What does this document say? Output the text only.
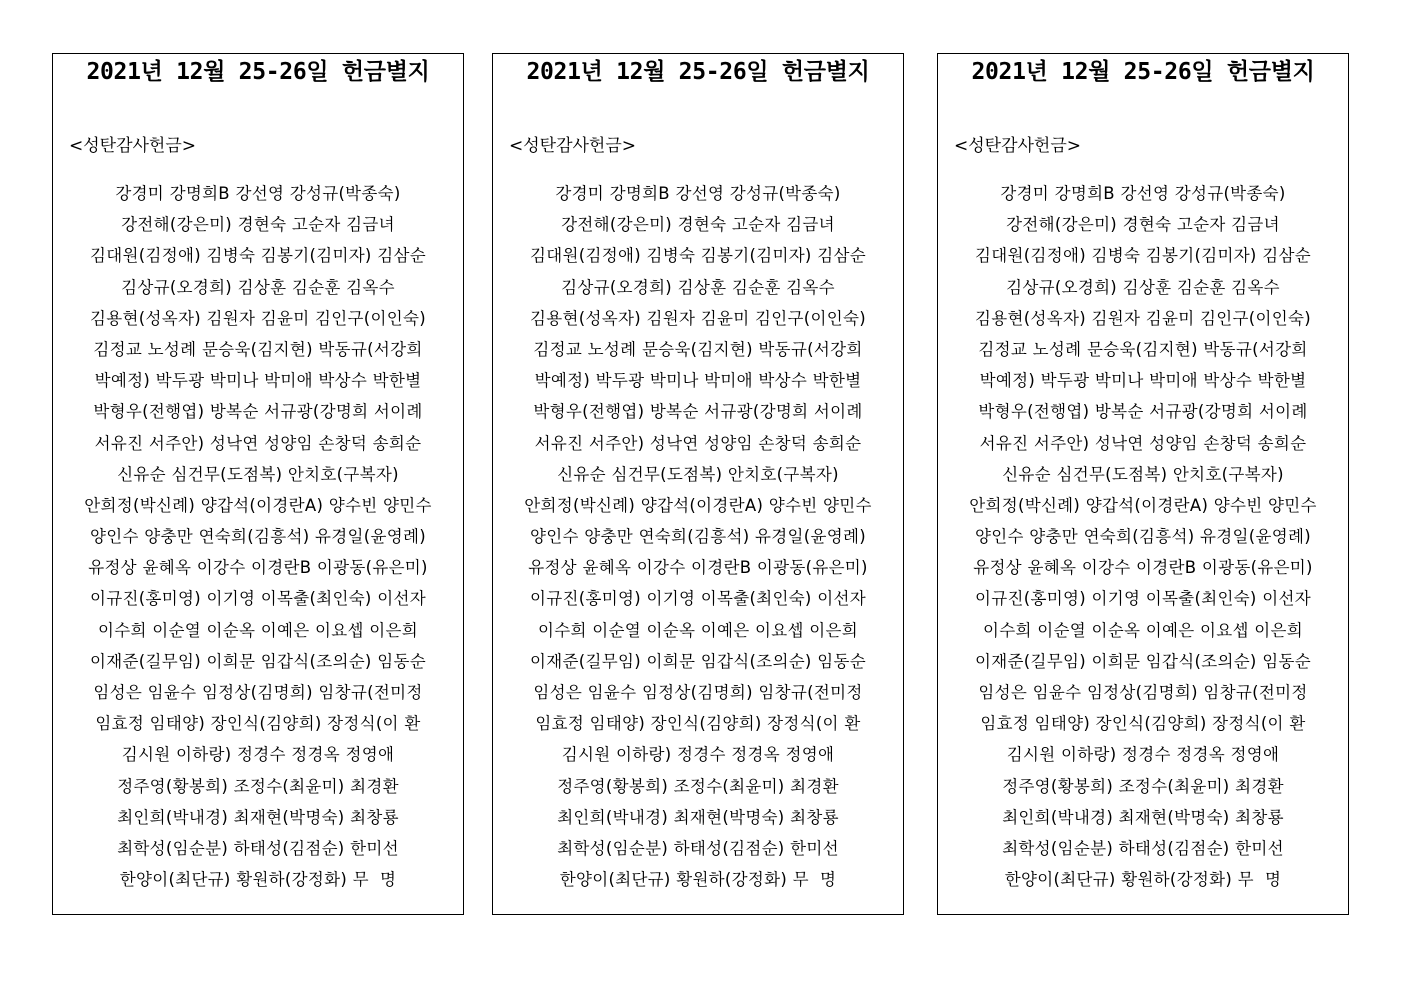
2021년 12월 25-26일 헌금별지
<성탄감사헌금>
강경미 강명희B 강선영 강성규(박종숙)
강전해(강은미) 경현숙 고순자 김금녀
김대원(김정애) 김병숙 김봉기(김미자) 김삼순
김상규(오경희) 김상훈 김순훈 김옥수
김용현(성옥자) 김원자 김윤미 김인구(이인숙)
김정교 노성례 문승욱(김지현) 박동규(서강희
박예정) 박두광 박미나 박미애 박상수 박한별
박형우(전행엽) 방복순 서규광(강명희 서이례
서유진 서주안) 성낙연 성양임 손창덕 송희순
신유순 심건무(도점복) 안치호(구복자)
안희정(박신례) 양갑석(이경란A) 양수빈 양민수
양인수 양충만 연숙희(김흥석) 유경일(윤영례)
유정상 윤혜옥 이강수 이경란B 이광동(유은미)
이규진(홍미영) 이기영 이목출(최인숙) 이선자
이수희 이순열 이순옥 이예은 이요셉 이은희
이재준(길무임) 이희문 임갑식(조의순) 임동순
임성은 임윤수 임정상(김명희) 임창규(전미정
임효정 임태양) 장인식(김양희) 장정식(이 환
김시원 이하랑) 정경수 정경옥 정영애
정주영(황봉희) 조정수(최윤미) 최경환
최인희(박내경) 최재현(박명숙) 최창룡
최학성(임순분) 하태성(김점순) 한미선
한양이(최단규) 황원하(강정화) 무  명
2021년 12월 25-26일 헌금별지
<성탄감사헌금>
강경미 강명희B 강선영 강성규(박종숙)
강전해(강은미) 경현숙 고순자 김금녀
김대원(김정애) 김병숙 김봉기(김미자) 김삼순
김상규(오경희) 김상훈 김순훈 김옥수
김용현(성옥자) 김원자 김윤미 김인구(이인숙)
김정교 노성례 문승욱(김지현) 박동규(서강희
박예정) 박두광 박미나 박미애 박상수 박한별
박형우(전행엽) 방복순 서규광(강명희 서이례
서유진 서주안) 성낙연 성양임 손창덕 송희순
신유순 심건무(도점복) 안치호(구복자)
안희정(박신례) 양갑석(이경란A) 양수빈 양민수
양인수 양충만 연숙희(김흥석) 유경일(윤영례)
유정상 윤혜옥 이강수 이경란B 이광동(유은미)
이규진(홍미영) 이기영 이목출(최인숙) 이선자
이수희 이순열 이순옥 이예은 이요셉 이은희
이재준(길무임) 이희문 임갑식(조의순) 임동순
임성은 임윤수 임정상(김명희) 임창규(전미정
임효정 임태양) 장인식(김양희) 장정식(이 환
김시원 이하랑) 정경수 정경옥 정영애
정주영(황봉희) 조정수(최윤미) 최경환
최인희(박내경) 최재현(박명숙) 최창룡
최학성(임순분) 하태성(김점순) 한미선
한양이(최단규) 황원하(강정화) 무  명
2021년 12월 25-26일 헌금별지
<성탄감사헌금>
강경미 강명희B 강선영 강성규(박종숙)
강전해(강은미) 경현숙 고순자 김금녀
김대원(김정애) 김병숙 김봉기(김미자) 김삼순
김상규(오경희) 김상훈 김순훈 김옥수
김용현(성옥자) 김원자 김윤미 김인구(이인숙)
김정교 노성례 문승욱(김지현) 박동규(서강희
박예정) 박두광 박미나 박미애 박상수 박한별
박형우(전행엽) 방복순 서규광(강명희 서이례
서유진 서주안) 성낙연 성양임 손창덕 송희순
신유순 심건무(도점복) 안치호(구복자)
안희정(박신례) 양갑석(이경란A) 양수빈 양민수
양인수 양충만 연숙희(김흥석) 유경일(윤영례)
유정상 윤혜옥 이강수 이경란B 이광동(유은미)
이규진(홍미영) 이기영 이목출(최인숙) 이선자
이수희 이순열 이순옥 이예은 이요셉 이은희
이재준(길무임) 이희문 임갑식(조의순) 임동순
임성은 임윤수 임정상(김명희) 임창규(전미정
임효정 임태양) 장인식(김양희) 장정식(이 환
김시원 이하랑) 정경수 정경옥 정영애
정주영(황봉희) 조정수(최윤미) 최경환
최인희(박내경) 최재현(박명숙) 최창룡
최학성(임순분) 하태성(김점순) 한미선
한양이(최단규) 황원하(강정화) 무  명
